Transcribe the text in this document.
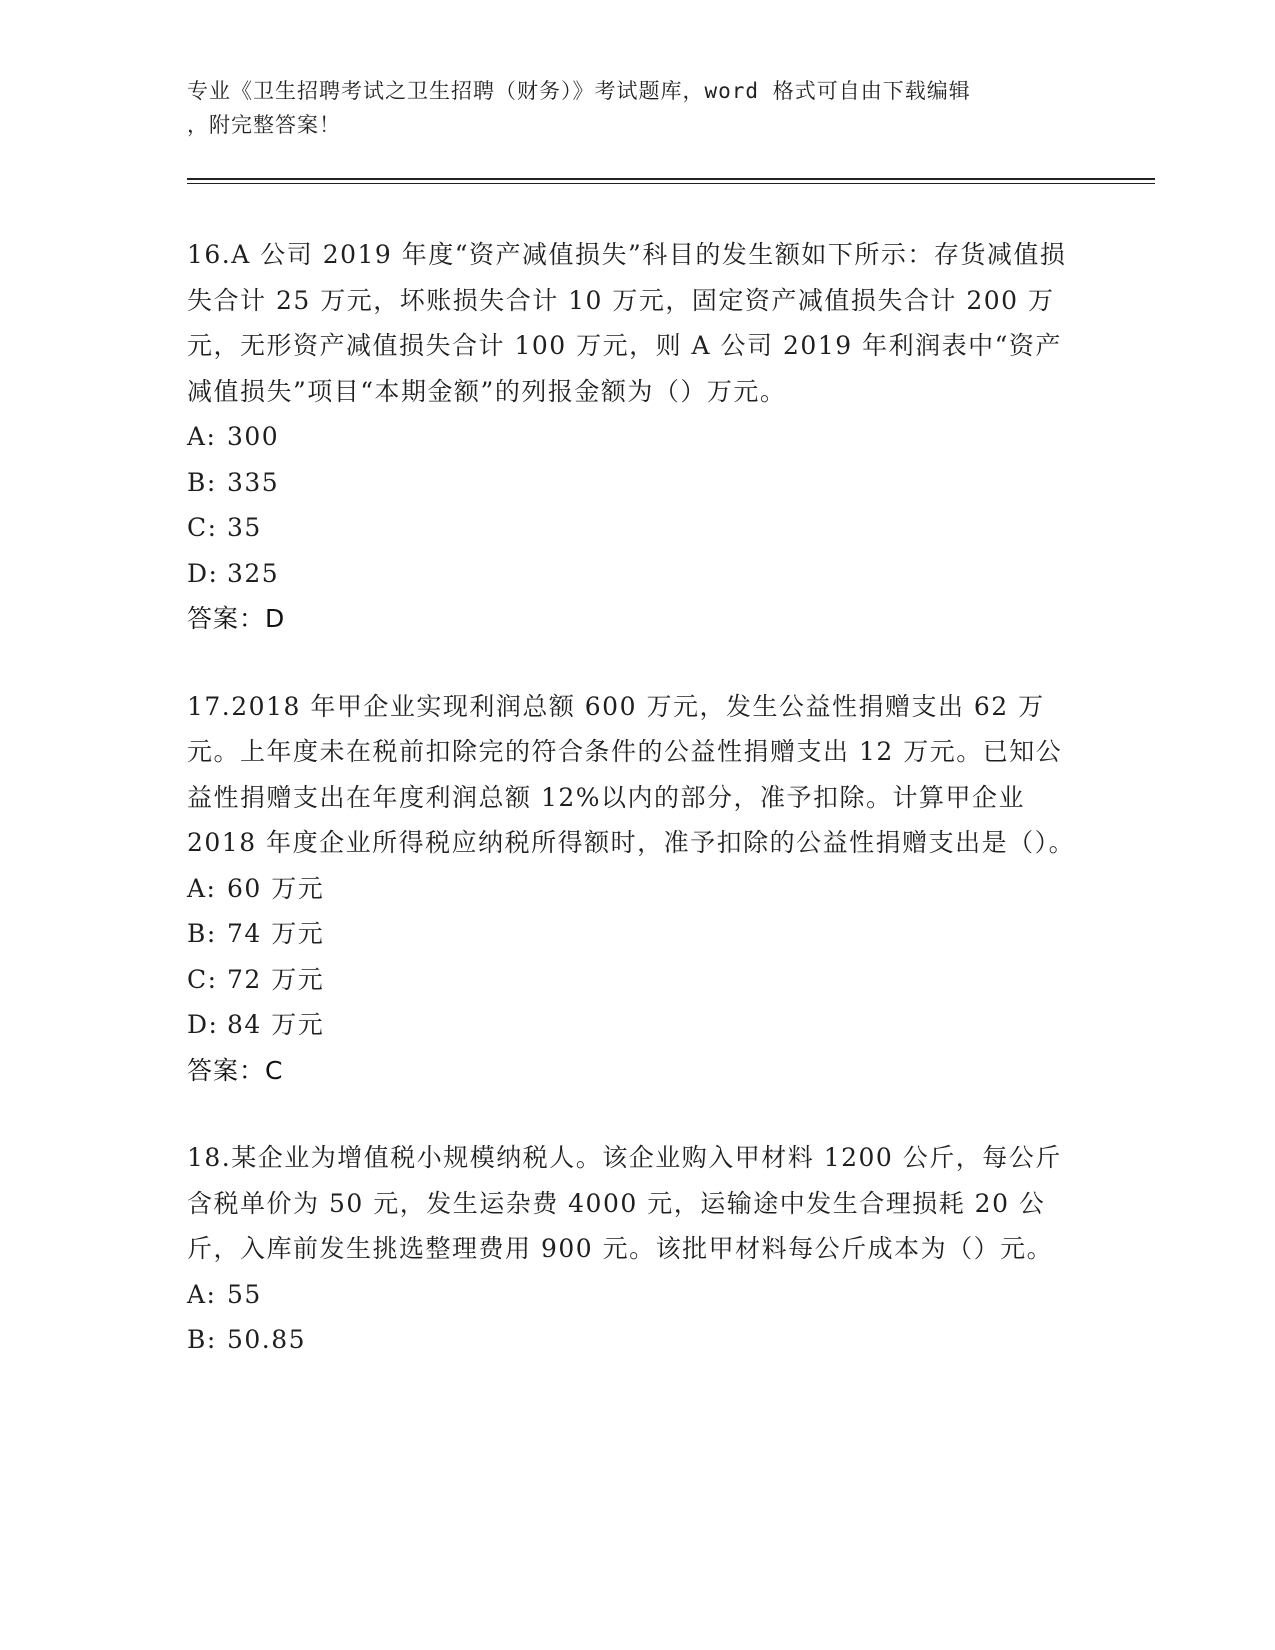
专业《卫生招聘考试之卫生招聘（财务）》考试题库，word 格式可自由下载编辑
，附完整答案！

16.A 公司 2019 年度“资产减值损失”科目的发生额如下所示：存货减值损失合计 25 万元，坏账损失合计 10 万元，固定资产减值损失合计 200 万元，无形资产减值损失合计 100 万元，则 A 公司 2019 年利润表中“资产减值损失”项目“本期金额”的列报金额为（）万元。

A: 300
B: 335
C: 35
D: 325
答案：D

17.2018 年甲企业实现利润总额 600 万元，发生公益性捐赠支出 62 万元。上年度未在税前扣除完的符合条件的公益性捐赠支出 12 万元。已知公益性捐赠支出在年度利润总额 12%以内的部分，准予扣除。计算甲企业 2018 年度企业所得税应纳税所得额时，准予扣除的公益性捐赠支出是（）。

A: 60 万元
B: 74 万元
C: 72 万元
D: 84 万元
答案：C

18.某企业为增值税小规模纳税人。该企业购入甲材料 1200 公斤，每公斤含税单价为 50 元，发生运杂费 4000 元，运输途中发生合理损耗 20 公斤，入库前发生挑选整理费用 900 元。该批甲材料每公斤成本为（）元。

A: 55
B: 50.85
